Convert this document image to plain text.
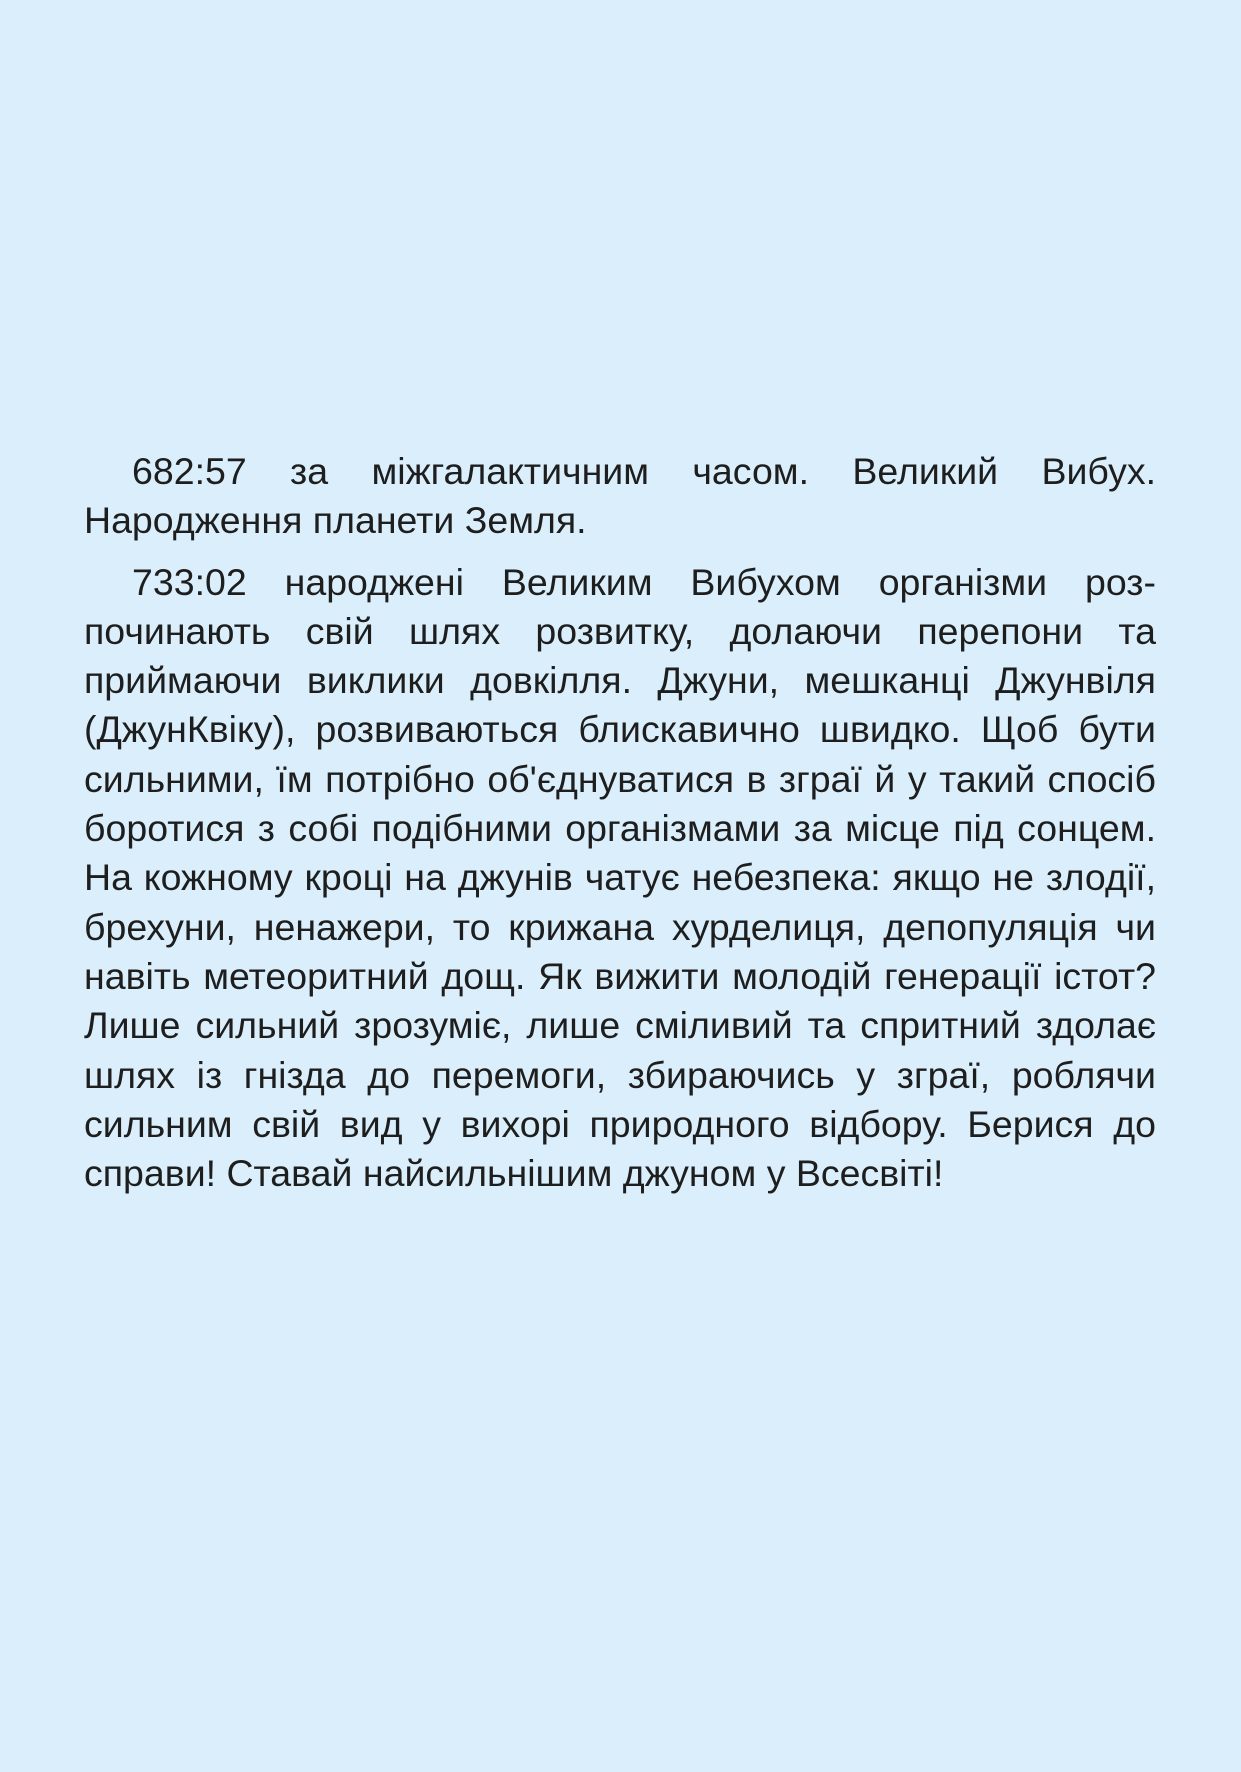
682:57 за міжгалактичним часом. Великий Вибух. Народження планети Земля.

733:02 народжені Великим Вибухом організми розпочинають свій шлях розвитку, долаючи перепони та приймаючи виклики довкілля. Джуни, мешканці Джунвіля (ДжунКвіку), розвиваються блискавично швидко. Щоб бути сильними, їм потрібно об'єднуватися в зграї й у такий спосіб боротися з собі подібними організмами за місце під сонцем. На кожному кроці на джунів чатує небезпека: якщо не злодії, брехуни, ненажери, то крижана хурделиця, депопуляція чи навіть метеоритний дощ. Як вижити молодій генерації істот? Лише сильний зрозуміє, лише сміливий та спритний здолає шлях із гнізда до перемоги, збираючись у зграї, роблячи сильним свій вид у вихорі природного відбору. Берися до справи! Ставай найсильнішим джуном у Всесвіті!
